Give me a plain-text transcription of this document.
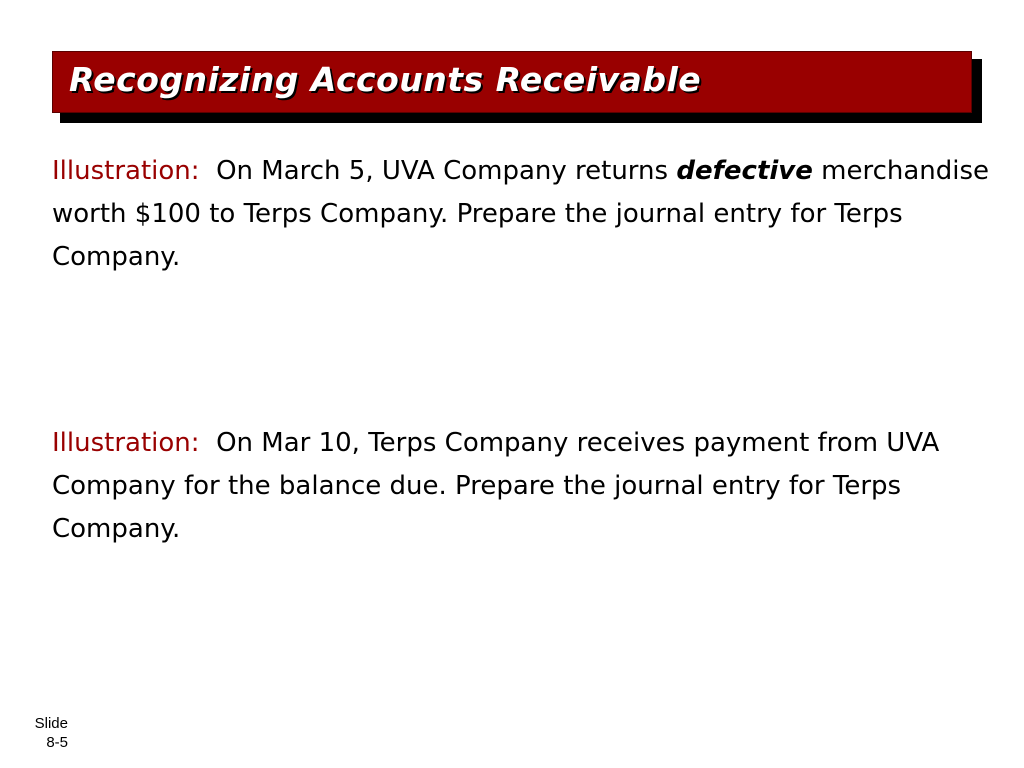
Recognizing Accounts Receivable
Illustration: On March 5, UVA Company returns defective merchandise worth $100 to Terps Company. Prepare the journal entry for Terps Company.
Illustration: On Mar 10, Terps Company receives payment from UVA Company for the balance due. Prepare the journal entry for Terps Company.
Slide
8-5
